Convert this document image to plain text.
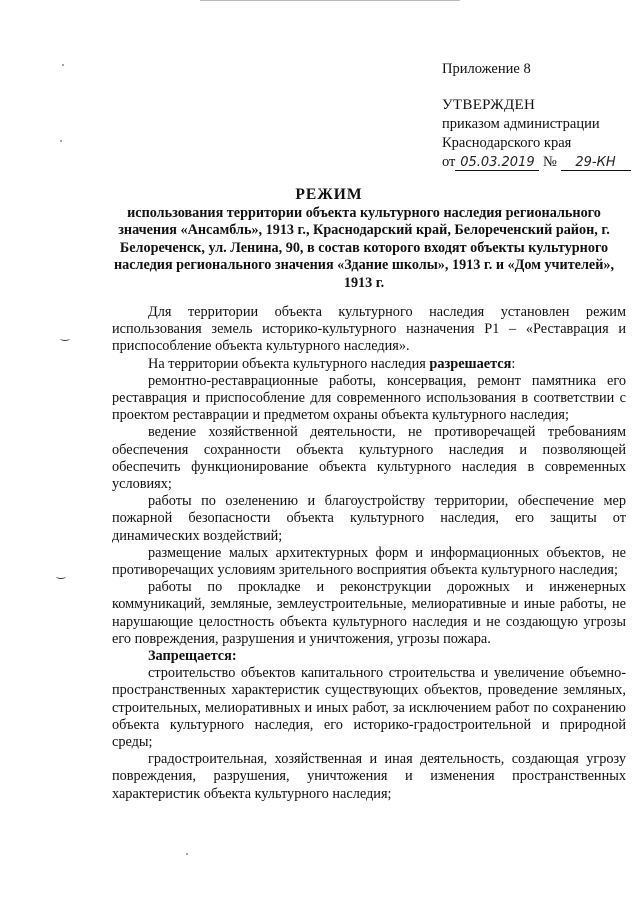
Приложение 8
УТВЕРЖДЕН
приказом администрации
Краснодарского края
от 05.03.2019 № 29-КН
РЕЖИМ
использования территории объекта культурного наследия регионального значения «Ансамбль», 1913 г., Краснодарский край, Белореченский район, г. Белореченск, ул. Ленина, 90, в состав которого входят объекты культурного наследия регионального значения «Здание школы», 1913 г. и «Дом учителей», 1913 г.

Для территории объекта культурного наследия установлен режим использования земель историко-культурного назначения Р1 – «Реставрация и приспособление объекта культурного наследия».

На территории объекта культурного наследия разрешается:

ремонтно-реставрационные работы, консервация, ремонт памятника его реставрация и приспособление для современного использования в соответствии с проектом реставрации и предметом охраны объекта культурного наследия;

ведение хозяйственной деятельности, не противоречащей требованиям обеспечения сохранности объекта культурного наследия и позволяющей обеспечить функционирование объекта культурного наследия в современных условиях;

работы по озеленению и благоустройству территории, обеспечение мер пожарной безопасности объекта культурного наследия, его защиты от динамических воздействий;

размещение малых архитектурных форм и информационных объектов, не противоречащих условиям зрительного восприятия объекта культурного наследия;

работы по прокладке и реконструкции дорожных и инженерных коммуникаций, земляные, землеустроительные, мелиоративные и иные работы, не нарушающие целостность объекта культурного наследия и не создающую угрозы его повреждения, разрушения и уничтожения, угрозы пожара.

Запрещается:

строительство объектов капитального строительства и увеличение объемно-пространственных характеристик существующих объектов, проведение земляных, строительных, мелиоративных и иных работ, за исключением работ по сохранению объекта культурного наследия, его историко-градостроительной и природной среды;

градостроительная, хозяйственная и иная деятельность, создающая угрозу повреждения, разрушения, уничтожения и изменения пространственных характеристик объекта культурного наследия;
